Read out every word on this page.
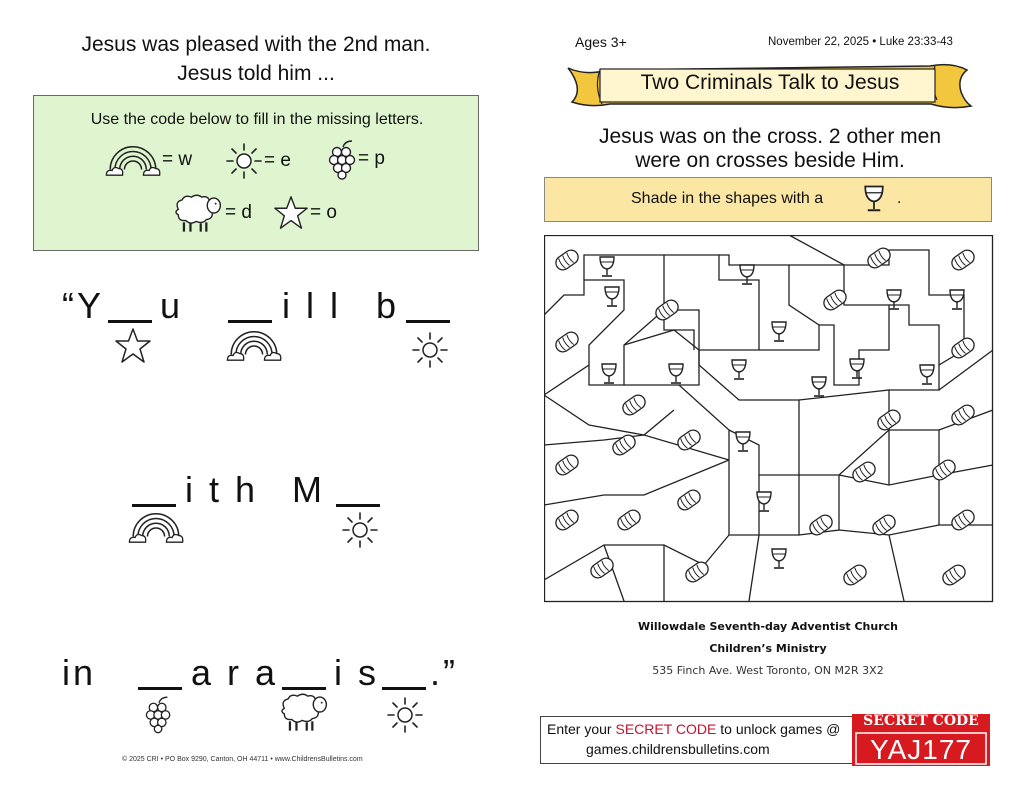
Jesus was pleased with the 2nd man.
Jesus told him ...
Use the code below to fill in the missing letters.
= w	= e	= p
= d	= o
“Y u	i l l b
i t h M
in	a r a i s .”
© 2025 CRI • PO Box 9290, Canton, OH 44711 • www.ChildrensBulletins.com
Ages 3+	November 22, 2025 • Luke 23:33-43
Two Criminals Talk to Jesus
Jesus was on the cross. 2 other men
were on crosses beside Him.
Shade in the shapes with a	.
Willowdale Seventh-day Adventist Church
Children’s Ministry
535 Finch Ave. West Toronto, ON M2R 3X2
Enter your SECRET CODE to unlock games @
games.childrensbulletins.com
SECRET CODE
YAJ177
